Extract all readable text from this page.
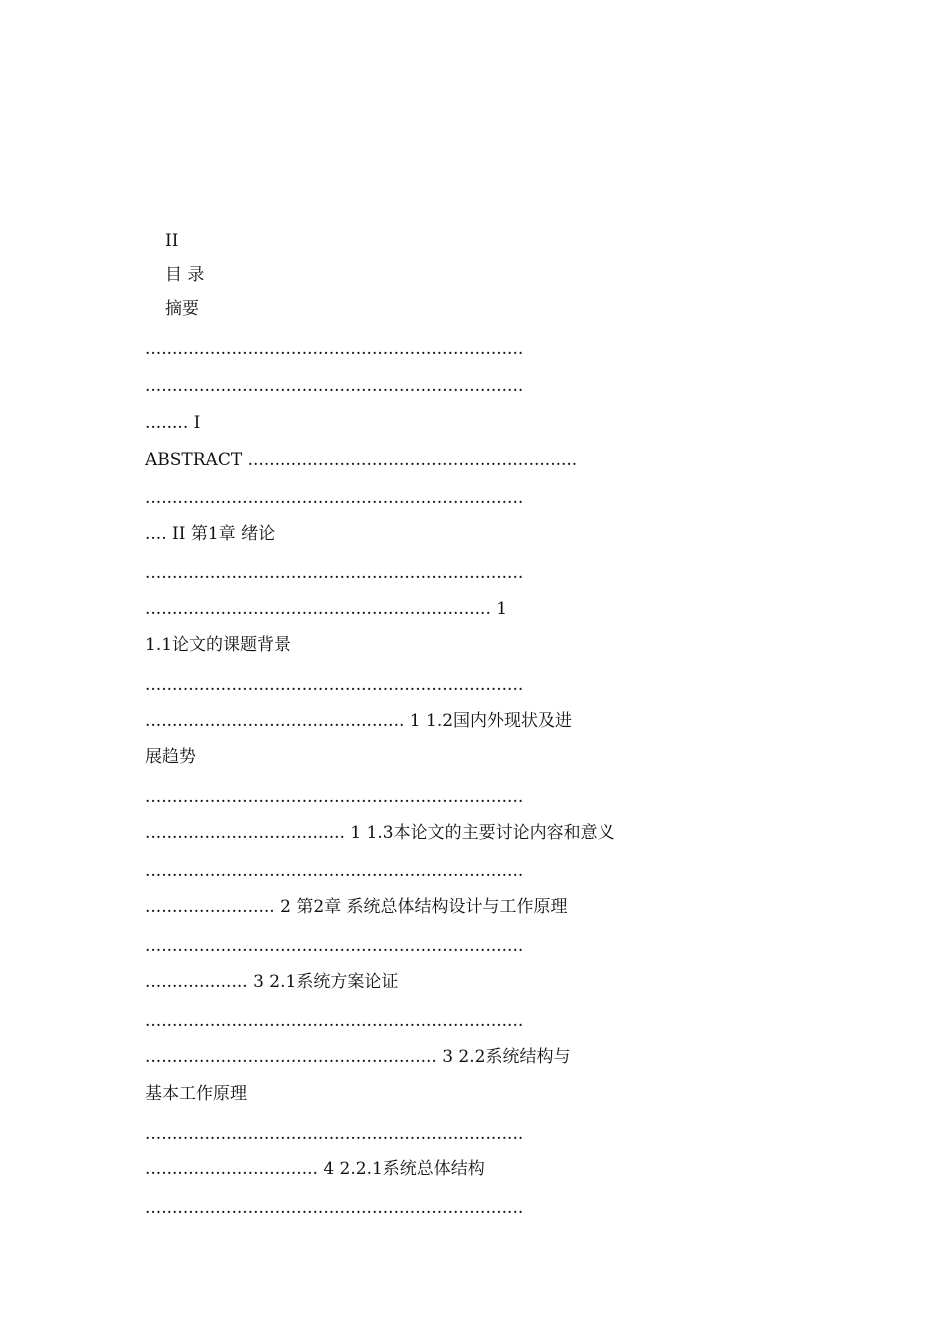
II
目 录
摘要
......................................................................
......................................................................
........ I
ABSTRACT .............................................................
......................................................................
.... II 第1章 绪论
......................................................................
................................................................ 1
1.1论文的课题背景
......................................................................
................................................ 1 1.2国内外现状及进
展趋势
......................................................................
..................................... 1 1.3本论文的主要讨论内容和意义
......................................................................
........................ 2 第2章 系统总体结构设计与工作原理
......................................................................
................... 3 2.1系统方案论证
......................................................................
...................................................... 3 2.2系统结构与
基本工作原理
......................................................................
................................ 4 2.2.1系统总体结构
......................................................................
